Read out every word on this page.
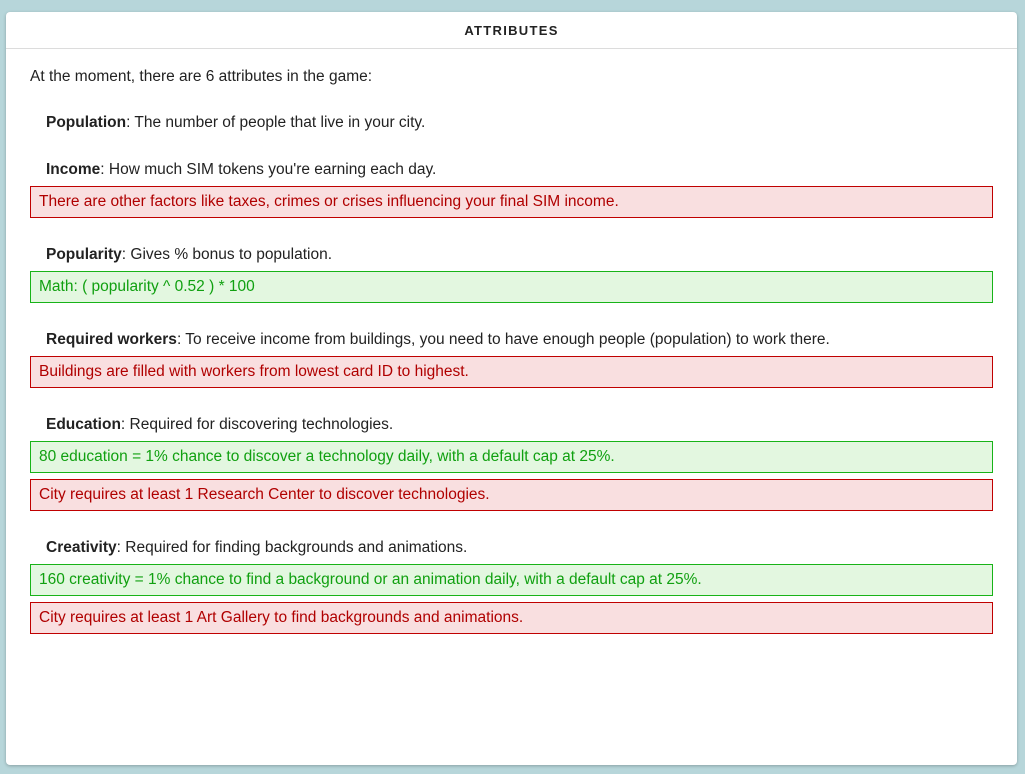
ATTRIBUTES

At the moment, there are 6 attributes in the game:

Population: The number of people that live in your city.
Income: How much SIM tokens you're earning each day.
There are other factors like taxes, crimes or crises influencing your final SIM income.
Popularity: Gives % bonus to population.
Math: ( popularity ^ 0.52 ) * 100
Required workers: To receive income from buildings, you need to have enough people (population) to work there.
Buildings are filled with workers from lowest card ID to highest.
Education: Required for discovering technologies.
80 education = 1% chance to discover a technology daily, with a default cap at 25%.
City requires at least 1 Research Center to discover technologies.
Creativity: Required for finding backgrounds and animations.
160 creativity = 1% chance to find a background or an animation daily, with a default cap at 25%.
City requires at least 1 Art Gallery to find backgrounds and animations.
